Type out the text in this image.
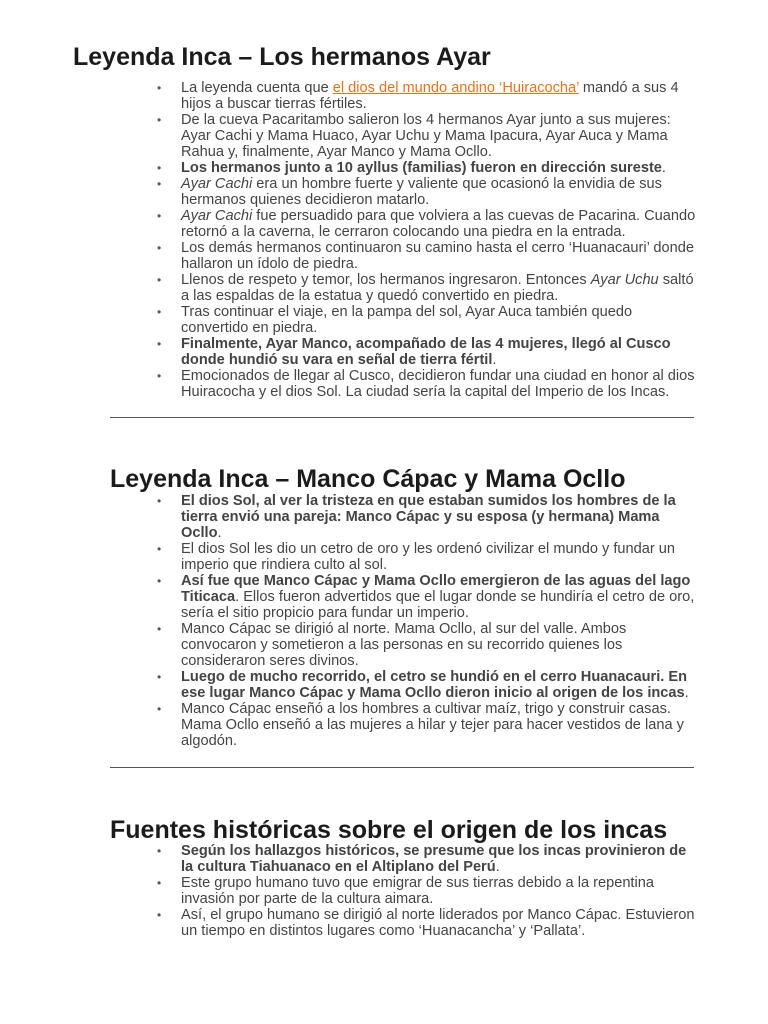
Leyenda Inca – Los hermanos Ayar
• La leyenda cuenta que el dios del mundo andino ‘Huiracocha’ mandó a sus 4 hijos a buscar tierras fértiles.
• De la cueva Pacaritambo salieron los 4 hermanos Ayar junto a sus mujeres: Ayar Cachi y Mama Huaco, Ayar Uchu y Mama Ipacura, Ayar Auca y Mama Rahua y, finalmente, Ayar Manco y Mama Ocllo.
• Los hermanos junto a 10 ayllus (familias) fueron en dirección sureste.
• Ayar Cachi era un hombre fuerte y valiente que ocasionó la envidia de sus hermanos quienes decidieron matarlo.
• Ayar Cachi fue persuadido para que volviera a las cuevas de Pacarina. Cuando retornó a la caverna, le cerraron colocando una piedra en la entrada.
• Los demás hermanos continuaron su camino hasta el cerro ‘Huanacauri’ donde hallaron un ídolo de piedra.
• Llenos de respeto y temor, los hermanos ingresaron. Entonces Ayar Uchu saltó a las espaldas de la estatua y quedó convertido en piedra.
• Tras continuar el viaje, en la pampa del sol, Ayar Auca también quedo convertido en piedra.
• Finalmente, Ayar Manco, acompañado de las 4 mujeres, llegó al Cusco donde hundió su vara en señal de tierra fértil.
• Emocionados de llegar al Cusco, decidieron fundar una ciudad en honor al dios Huiracocha y el dios Sol. La ciudad sería la capital del Imperio de los Incas.
Leyenda Inca – Manco Cápac y Mama Ocllo
• El dios Sol, al ver la tristeza en que estaban sumidos los hombres de la tierra envió una pareja: Manco Cápac y su esposa (y hermana) Mama Ocllo.
• El dios Sol les dio un cetro de oro y les ordenó civilizar el mundo y fundar un imperio que rindiera culto al sol.
• Así fue que Manco Cápac y Mama Ocllo emergieron de las aguas del lago Titicaca. Ellos fueron advertidos que el lugar donde se hundiría el cetro de oro, sería el sitio propicio para fundar un imperio.
• Manco Cápac se dirigió al norte. Mama Ocllo, al sur del valle. Ambos convocaron y sometieron a las personas en su recorrido quienes los consideraron seres divinos.
• Luego de mucho recorrido, el cetro se hundió en el cerro Huanacauri. En ese lugar Manco Cápac y Mama Ocllo dieron inicio al origen de los incas.
• Manco Cápac enseñó a los hombres a cultivar maíz, trigo y construir casas. Mama Ocllo enseñó a las mujeres a hilar y tejer para hacer vestidos de lana y algodón.
Fuentes históricas sobre el origen de los incas
• Según los hallazgos históricos, se presume que los incas provinieron de la cultura Tiahuanaco en el Altiplano del Perú.
• Este grupo humano tuvo que emigrar de sus tierras debido a la repentina invasión por parte de la cultura aimara.
• Así, el grupo humano se dirigió al norte liderados por Manco Cápac. Estuvieron un tiempo en distintos lugares como ‘Huanacancha’ y ‘Pallata’.
